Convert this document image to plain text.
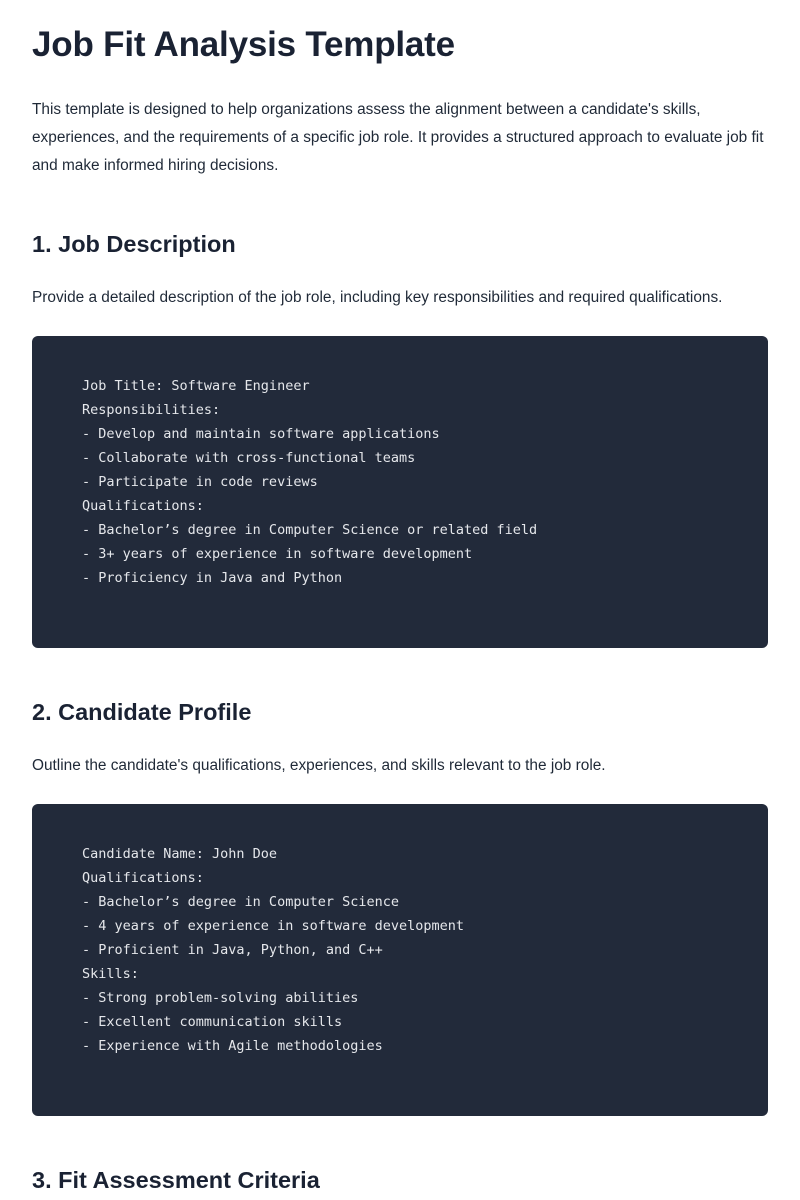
Job Fit Analysis Template

This template is designed to help organizations assess the alignment between a candidate's skills, experiences, and the requirements of a specific job role. It provides a structured approach to evaluate job fit and make informed hiring decisions.

1. Job Description

Provide a detailed description of the job role, including key responsibilities and required qualifications.

Job Title: Software Engineer
Responsibilities:
- Develop and maintain software applications
- Collaborate with cross-functional teams
- Participate in code reviews
Qualifications:
- Bachelor’s degree in Computer Science or related field
- 3+ years of experience in software development
- Proficiency in Java and Python
2. Candidate Profile

Outline the candidate's qualifications, experiences, and skills relevant to the job role.

Candidate Name: John Doe
Qualifications:
- Bachelor’s degree in Computer Science
- 4 years of experience in software development
- Proficient in Java, Python, and C++
Skills:
- Strong problem-solving abilities
- Excellent communication skills
- Experience with Agile methodologies
3. Fit Assessment Criteria
